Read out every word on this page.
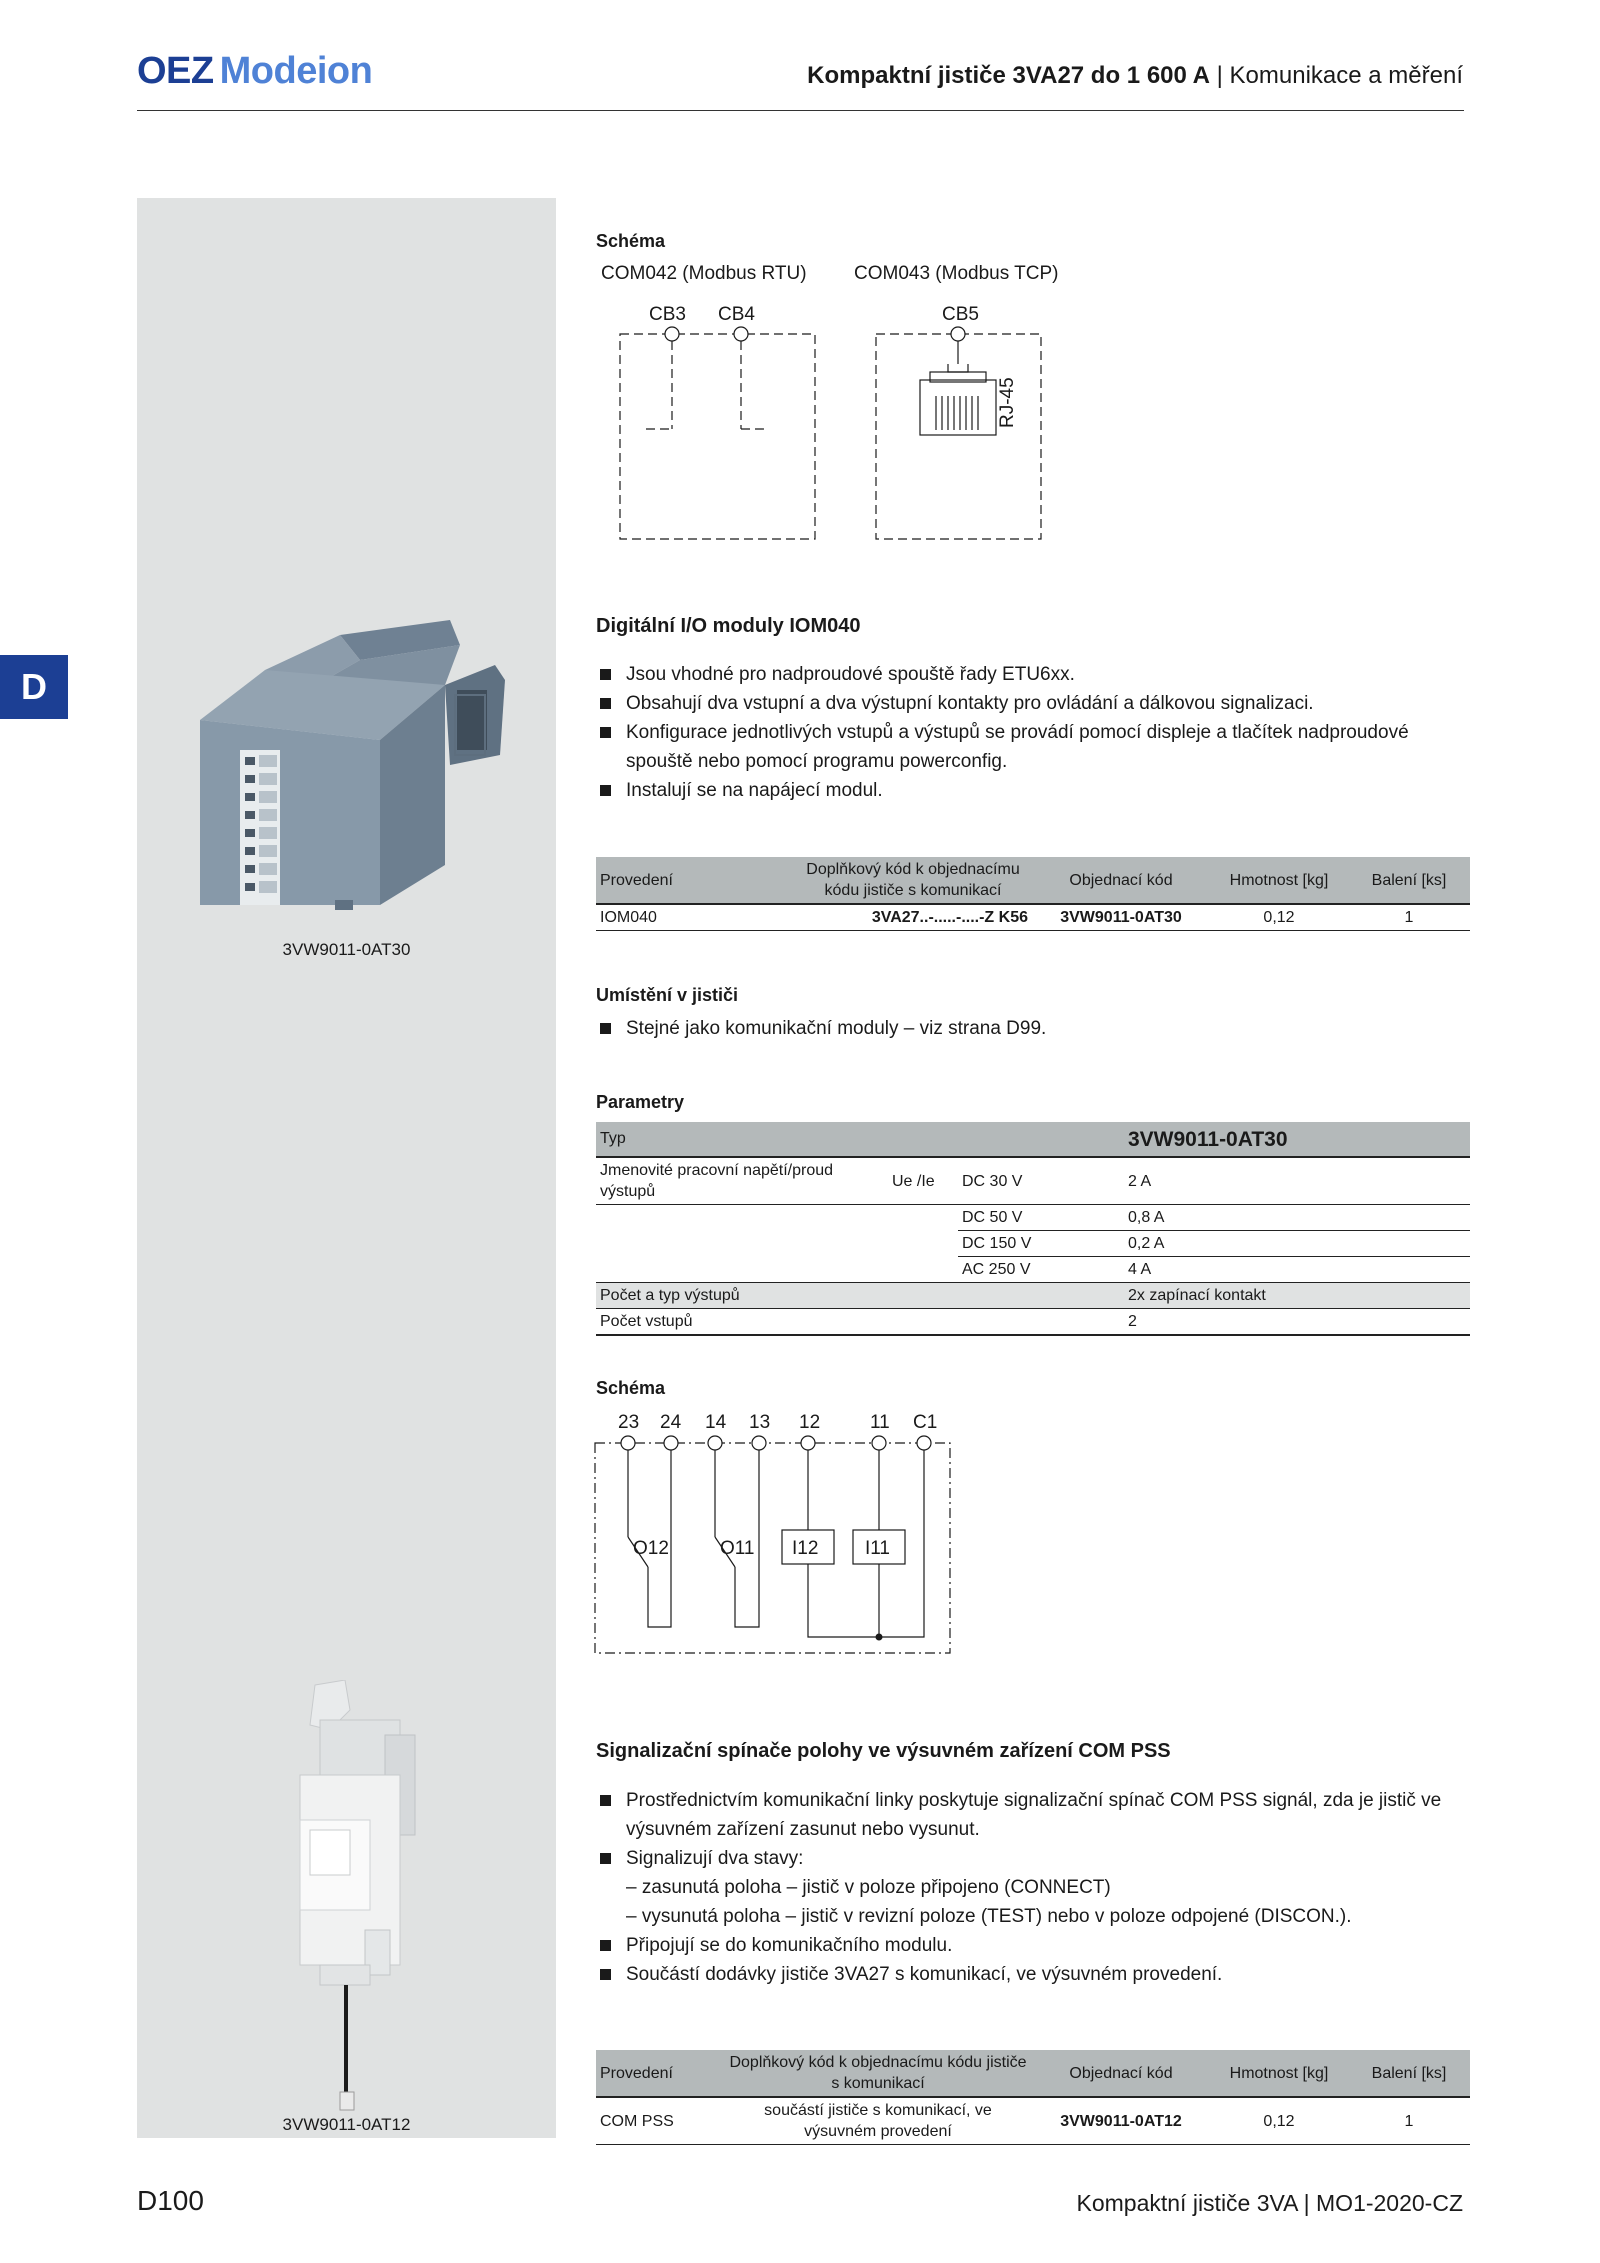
OEZ Modeion	Kompaktní jističe 3VA27 do 1 600 A | Komunikace a měření
D
3VW9011-0AT30
3VW9011-0AT12
Schéma
COM042 (Modbus RTU) COM043 (Modbus TCP)
CB3 CB4	CB5
RJ-45
Digitální I/O moduly IOM040
Jsou vhodné pro nadproudové spouště řady ETU6xx.
Obsahují dva vstupní a dva výstupní kontakty pro ovládání a dálkovou signalizaci.
Konfigurace jednotlivých vstupů a výstupů se provádí pomocí displeje a tlačítek nadproudové spouště nebo pomocí programu powerconfig.
Instalují se na napájecí modul.
Provedení	Doplňkový kód k objednacímu kódu jističe s komunikací	Objednací kód	Hmotnost [kg]	Balení [ks]
IOM040	3VA27..-.....-....-Z K56	3VW9011-0AT30	0,12	1
Umístění v jističi
Stejné jako komunikační moduly – viz strana D99.
Parametry
Typ			3VW9011-0AT30
Jmenovité pracovní napětí/proud výstupů	Ue /Ie	DC 30 V	2 A
		DC 50 V	0,8 A
		DC 150 V	0,2 A
		AC 250 V	4 A
Počet a typ výstupů			2x zapínací kontakt
Počet vstupů			2
Schéma
23 24 14 13 12	11 C1
O12	O11 I12 I11
Signalizační spínače polohy ve výsuvném zařízení COM PSS
Prostřednictvím komunikační linky poskytuje signalizační spínač COM PSS signál, zda je jistič ve výsuvném zařízení zasunut nebo vysunut.
Signalizují dva stavy:
– zasunutá poloha – jistič v poloze připojeno (CONNECT)
– vysunutá poloha – jistič v revizní poloze (TEST) nebo v poloze odpojené (DISCON.).
Připojují se do komunikačního modulu.
Součástí dodávky jističe 3VA27 s komunikací, ve výsuvném provedení.
Provedení	Doplňkový kód k objednacímu kódu jističe s komunikací	Objednací kód	Hmotnost [kg]	Balení [ks]
COM PSS	součástí jističe s komunikací, ve výsuvném provedení	3VW9011-0AT12	0,12	1
D100	Kompaktní jističe 3VA | MO1-2020-CZ
